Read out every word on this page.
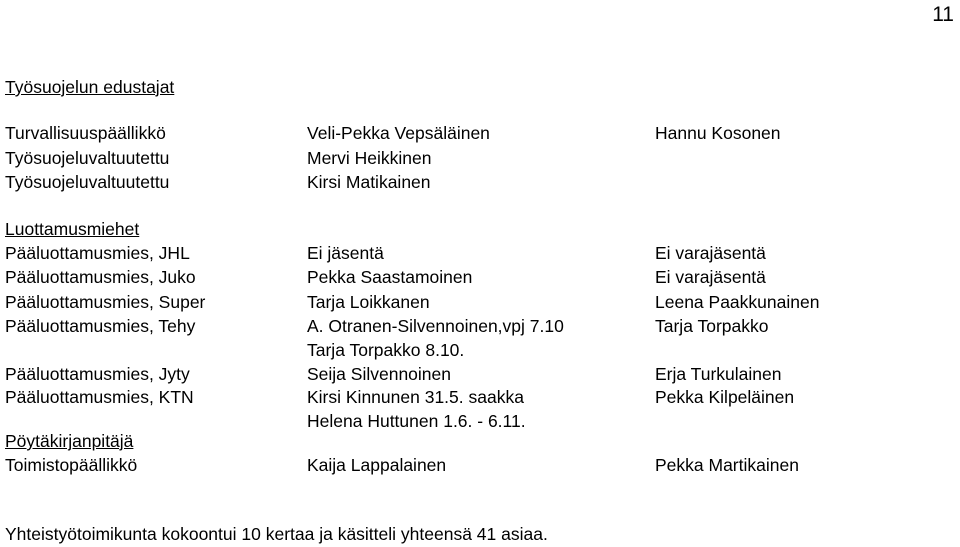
11
Työsuojelun edustajat
Turvallisuuspäällikkö	Veli-Pekka Vepsäläinen	Hannu Kosonen
Työsuojeluvaltuutettu	Mervi Heikkinen
Työsuojeluvaltuutettu	Kirsi Matikainen
Luottamusmiehet
Pääluottamusmies, JHL	Ei jäsentä	Ei varajäsentä
Pääluottamusmies, Juko	Pekka Saastamoinen	Ei varajäsentä
Pääluottamusmies, Super	Tarja Loikkanen	Leena Paakkunainen
Pääluottamusmies, Tehy	A. Otranen-Silvennoinen,vpj 7.10	Tarja Torpakko
Tarja Torpakko 8.10.
Pääluottamusmies, Jyty	Seija Silvennoinen	Erja Turkulainen
Pääluottamusmies, KTN	Kirsi Kinnunen 31.5. saakka	Pekka Kilpeläinen
Helena Huttunen 1.6. - 6.11.
Pöytäkirjanpitäjä
Toimistopäällikkö	Kaija Lappalainen	Pekka Martikainen
Yhteistyötoimikunta kokoontui 10 kertaa ja käsitteli yhteensä 41 asiaa.
